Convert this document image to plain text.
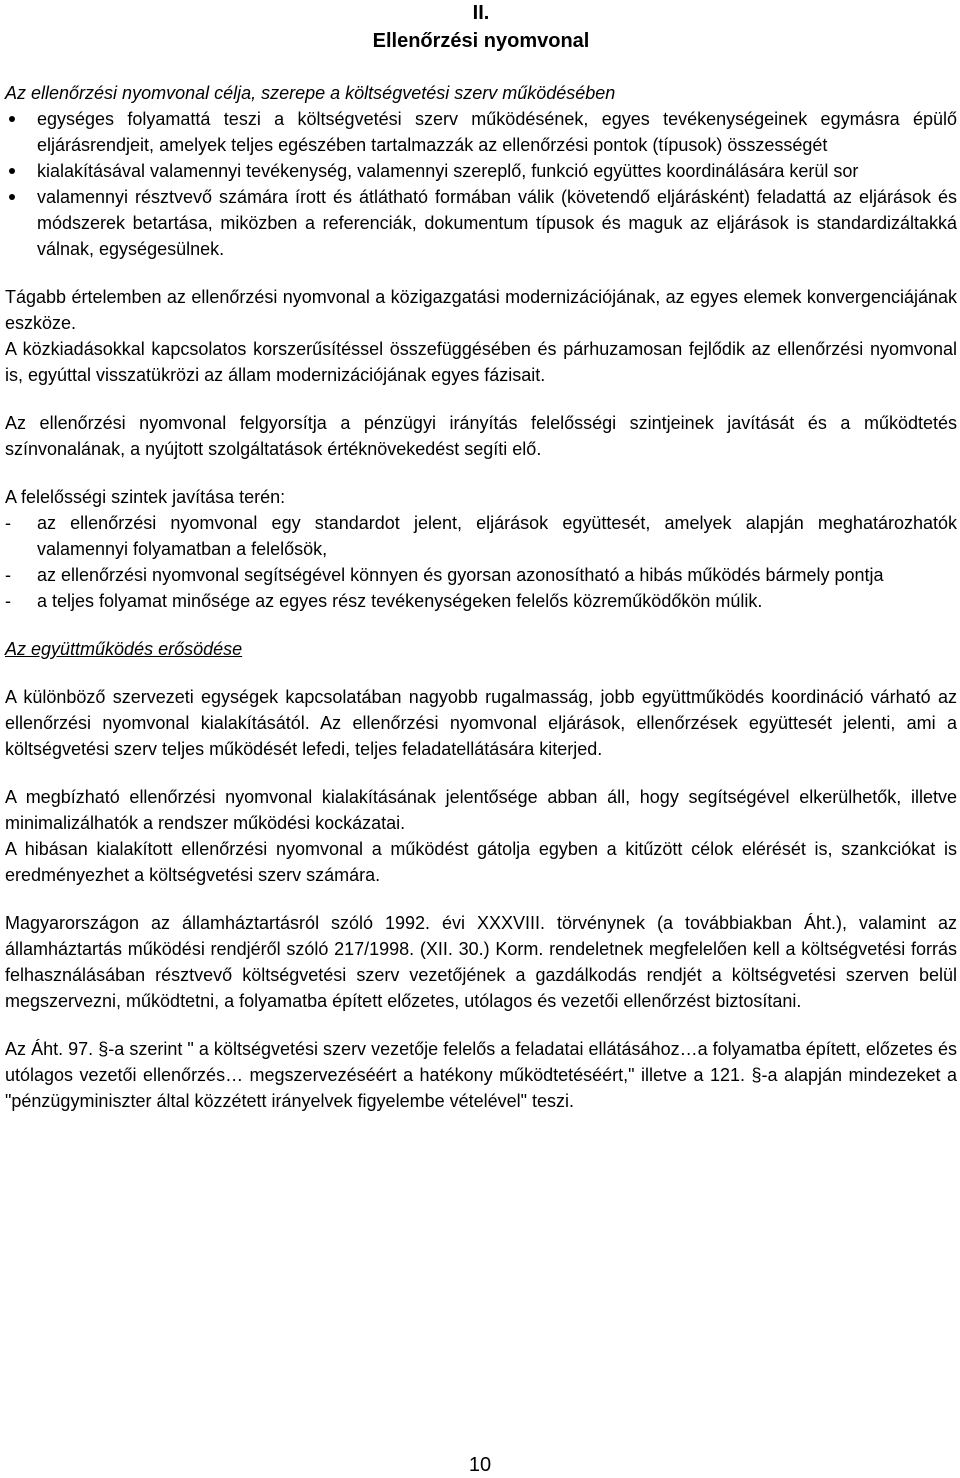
II.
Ellenőrzési nyomvonal

Az ellenőrzési nyomvonal célja, szerepe a költségvetési szerv működésében

egységes folyamattá teszi a költségvetési szerv működésének, egyes tevékenységeinek egymásra épülő eljárásrendjeit, amelyek teljes egészében tartalmazzák az ellenőrzési pontok (típusok) összességét
kialakításával valamennyi tevékenység, valamennyi szereplő, funkció együttes koordinálására kerül sor
valamennyi résztvevő számára írott és átlátható formában válik (követendő eljárásként) feladattá az eljárások és módszerek betartása, miközben a referenciák, dokumentum típusok és maguk az eljárások is standardizáltakká válnak, egységesülnek.

Tágabb értelemben az ellenőrzési nyomvonal a közigazgatási modernizációjának, az egyes elemek konvergenciájának eszköze.

A közkiadásokkal kapcsolatos korszerűsítéssel összefüggésében és párhuzamosan fejlődik az ellenőrzési nyomvonal is, egyúttal visszatükrözi az állam modernizációjának egyes fázisait.

Az ellenőrzési nyomvonal felgyorsítja a pénzügyi irányítás felelősségi szintjeinek javítását és a működtetés színvonalának, a nyújtott szolgáltatások értéknövekedést segíti elő.

A felelősségi szintek javítása terén:

- az ellenőrzési nyomvonal egy standardot jelent, eljárások együttesét, amelyek alapján meghatározhatók valamennyi folyamatban a felelősök,
- az ellenőrzési nyomvonal segítségével könnyen és gyorsan azonosítható a hibás működés bármely pontja
- a teljes folyamat minősége az egyes rész tevékenységeken felelős közreműködőkön múlik.

Az együttműködés erősödése

A különböző szervezeti egységek kapcsolatában nagyobb rugalmasság, jobb együttműködés koordináció várható az ellenőrzési nyomvonal kialakításától. Az ellenőrzési nyomvonal eljárások, ellenőrzések együttesét jelenti, ami a költségvetési szerv teljes működését lefedi, teljes feladatellátására kiterjed.

A megbízható ellenőrzési nyomvonal kialakításának jelentősége abban áll, hogy segítségével elkerülhetők, illetve minimalizálhatók a rendszer működési kockázatai.

A hibásan kialakított ellenőrzési nyomvonal a működést gátolja egyben a kitűzött célok elérését is, szankciókat is eredményezhet a költségvetési szerv számára.

Magyarországon az államháztartásról szóló 1992. évi XXXVIII. törvénynek (a továbbiakban Áht.), valamint az államháztartás működési rendjéről szóló 217/1998. (XII. 30.) Korm. rendeletnek megfelelően kell a költségvetési forrás felhasználásában résztvevő költségvetési szerv vezetőjének a gazdálkodás rendjét a költségvetési szerven belül megszervezni, működtetni, a folyamatba épített előzetes, utólagos és vezetői ellenőrzést biztosítani.

Az Áht. 97. §-a szerint " a költségvetési szerv vezetője felelős a feladatai ellátásához…a folyamatba épített, előzetes és utólagos vezetői ellenőrzés… megszervezéséért a hatékony működtetéséért," illetve a 121. §-a alapján mindezeket a "pénzügyminiszter által közzétett irányelvek figyelembe vételével" teszi.

10
